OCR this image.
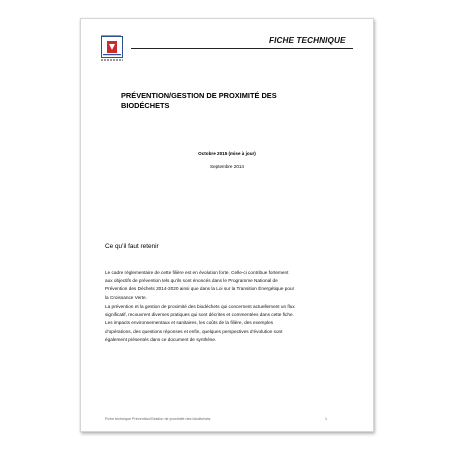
FICHE TECHNIQUE
PRÉVENTION/GESTION DE PROXIMITÉ DES
BIODÉCHETS
Octobre 2015 (mise à jour)
Septembre 2014
Ce qu’il faut retenir
Le cadre réglementaire de cette filière est en évolution forte. Celle-ci contribue fortement
aux objectifs de prévention tels qu’ils sont énoncés dans le Programme National de
Prévention des Déchets 2014-2020 ainsi que dans la Loi sur la Transition Énergétique pour
la Croissance Verte.
La prévention et la gestion de proximité des biodéchets qui concernent actuellement un flux
significatif, recouvrent diverses pratiques qui sont décrites et commentées dans cette fiche.
Les impacts environnementaux et sanitaires, les coûts de la filière, des exemples
d’opérations, des questions réponses et enfin, quelques perspectives d’évolution sont
également présentés dans ce document de synthèse.
Fiche technique Prévention/Gestion de proximité des biodéchets	1
